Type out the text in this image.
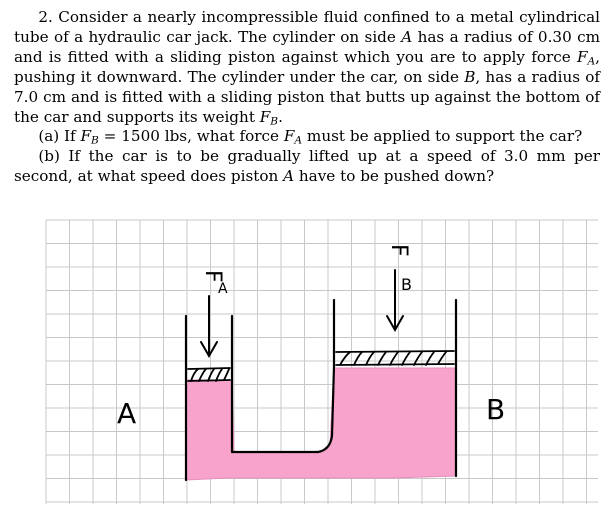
2. Consider a nearly incompressible fluid confined to a metal cylindrical tube of a hydraulic car jack. The cylinder on side A has a radius of 0.30 cm and is fitted with a sliding piston against which you are to apply force $F_A$, pushing it downward. The cylinder under the car, on side B, has a radius of 7.0 cm and is fitted with a sliding piston that butts up against the bottom of the car and supports its weight $F_B$.

(a) If $F_B = 1500$ lbs, what force $F_A$ must be applied to support the car?

(b) If the car is to be gradually lifted up at a speed of 3.0 mm per second, at what speed does piston A have to be pushed down?

F
A
F
B
A	B
